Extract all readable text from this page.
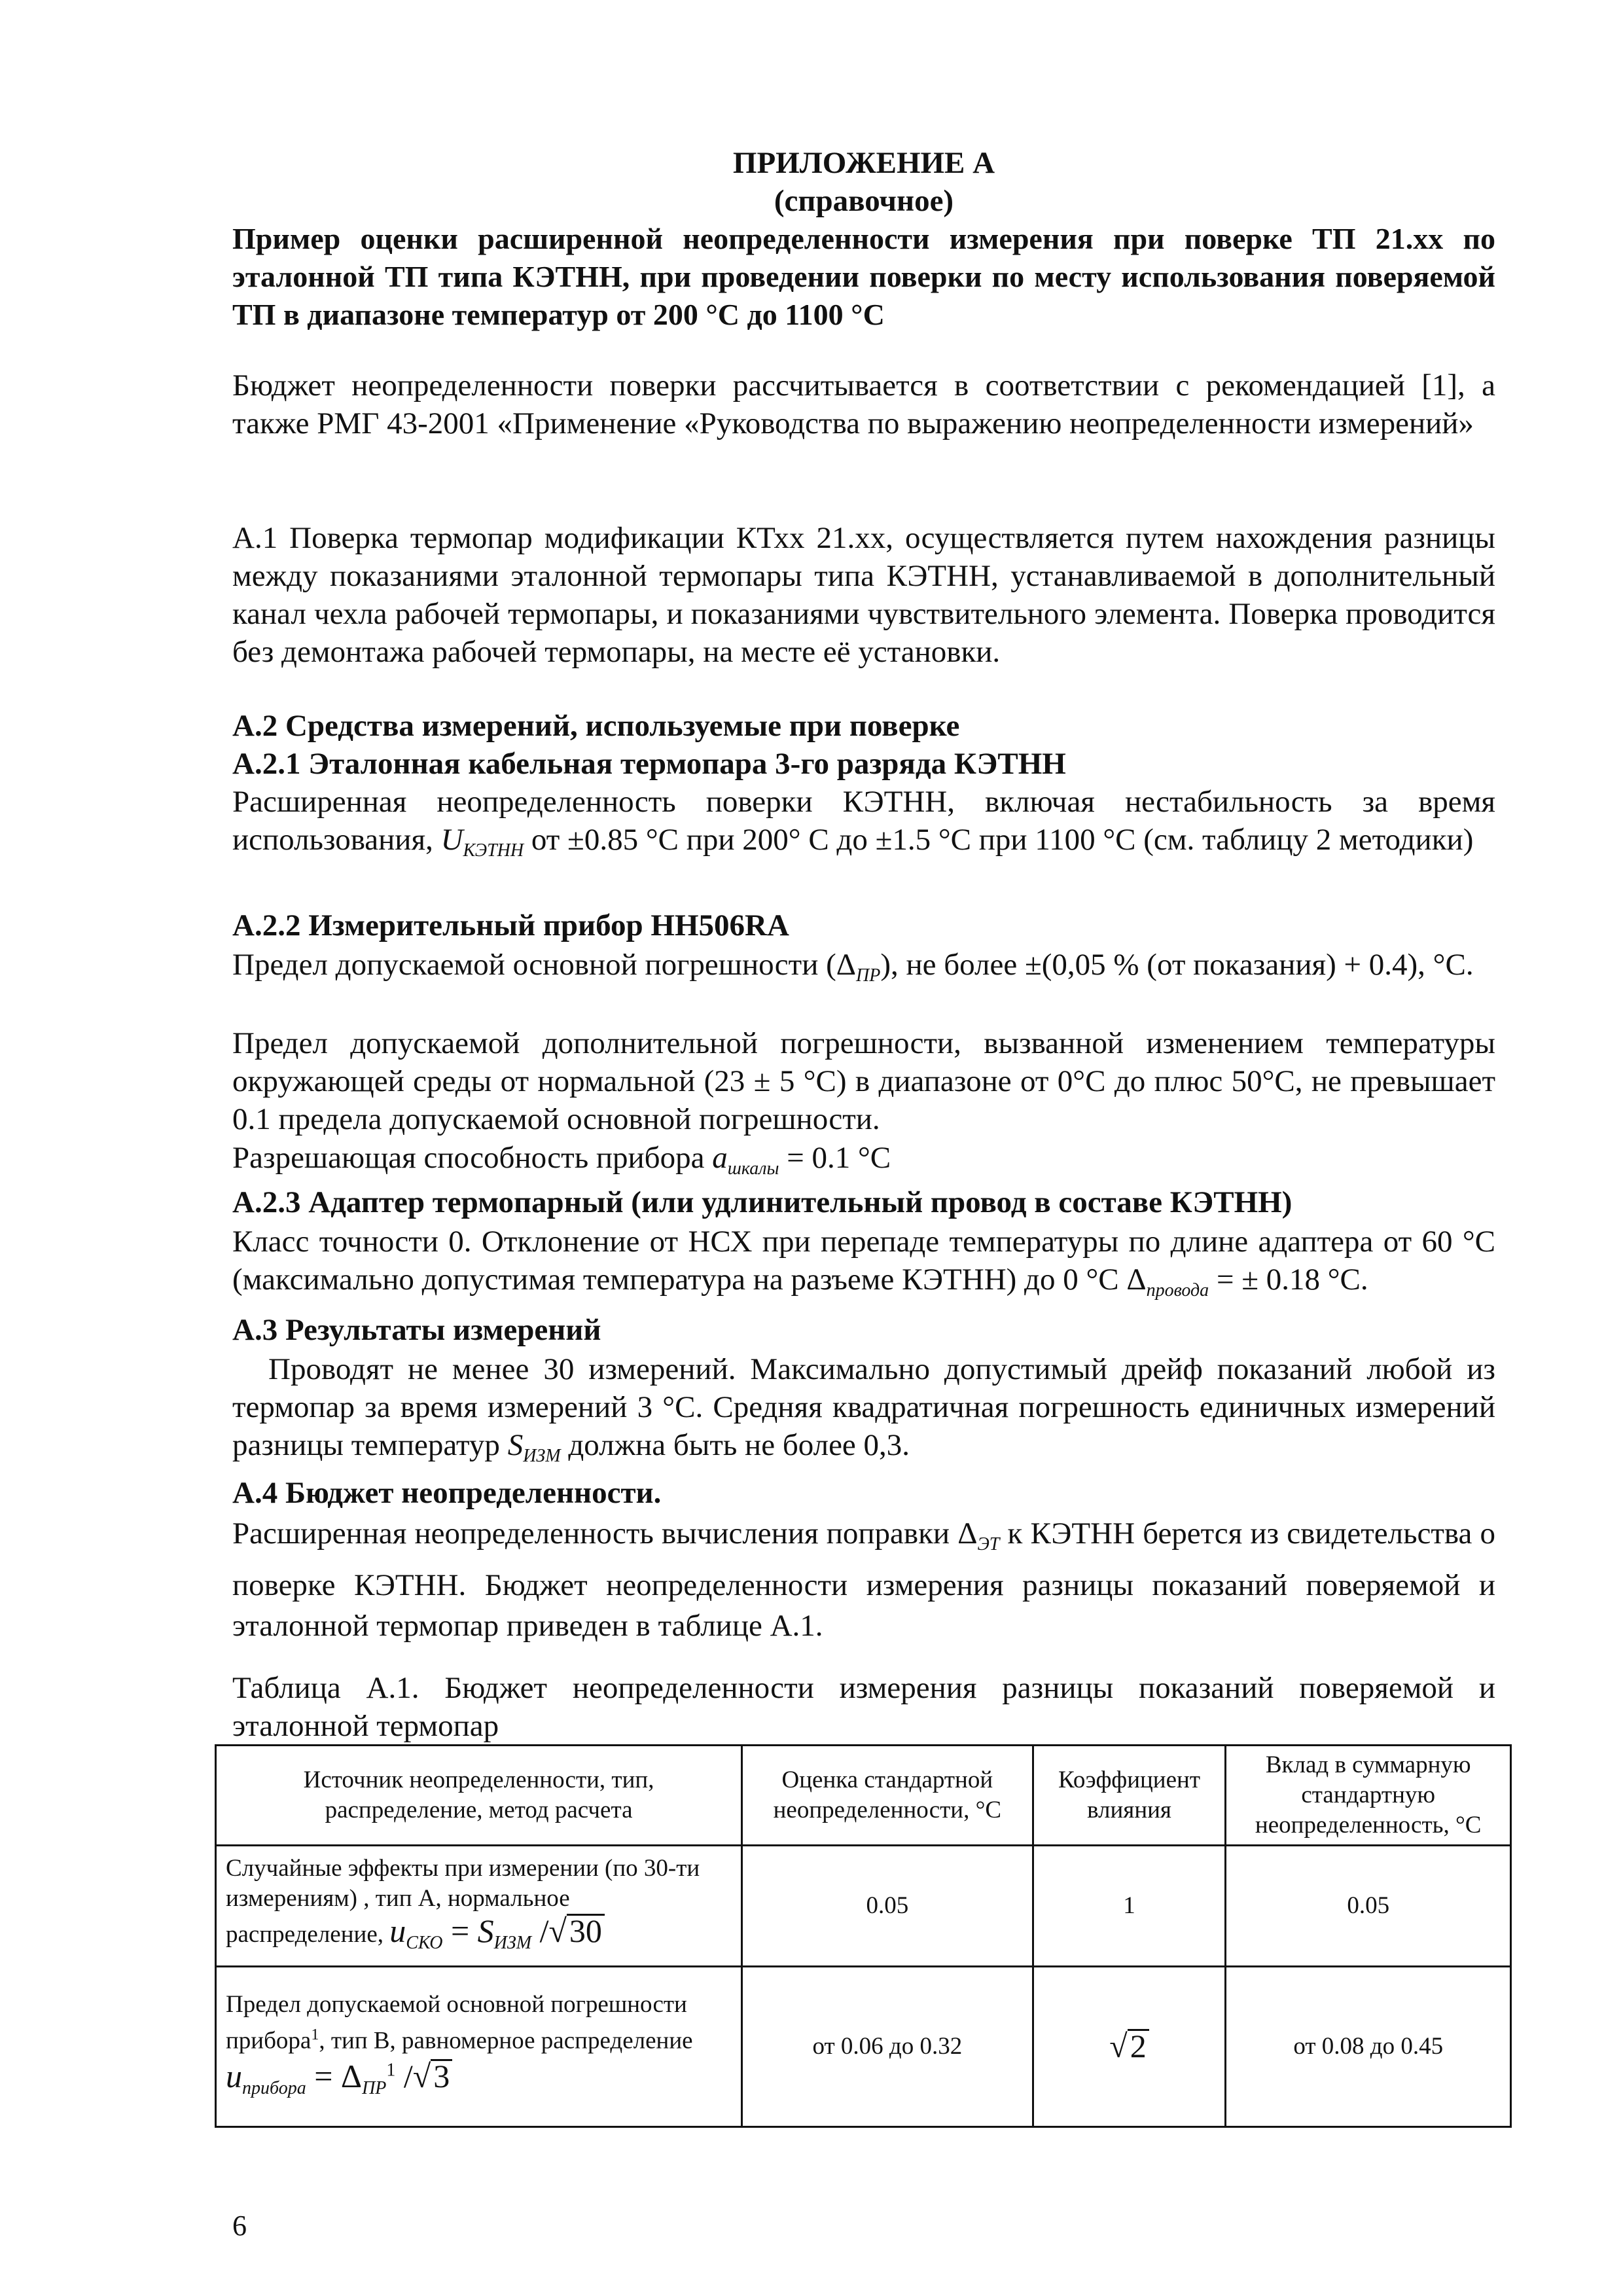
ПРИЛОЖЕНИЕ А
(справочное)
Пример оценки расширенной неопределенности измерения при поверке ТП 21.хх по эталонной ТП типа КЭТНН, при проведении поверки по месту использования поверяемой ТП в диапазоне температур от 200 °С до 1100 °С
Бюджет неопределенности поверки рассчитывается в соответствии с рекомендацией [1], а также РМГ 43-2001 «Применение «Руководства по выражению неопределенности измерений»
А.1 Поверка термопар модификации КТхх 21.хх, осуществляется путем нахождения разницы между показаниями эталонной термопары типа КЭТНН, устанавливаемой в дополнительный канал чехла рабочей термопары, и показаниями чувствительного элемента. Поверка проводится без демонтажа рабочей термопары, на месте её установки.
А.2 Средства измерений, используемые при поверке
А.2.1 Эталонная кабельная термопара 3-го разряда КЭТНН
Расширенная неопределенность поверки КЭТНН, включая нестабильность за время использования, $U_{КЭТНН}$ от ±0.85 °С при 200° С до ±1.5 °С при 1100 °С (см. таблицу 2 методики)
А.2.2 Измерительный прибор НН506RA
Предел допускаемой основной погрешности $(\Delta_{ПР})$, не более ±(0,05 % (от показания) + 0.4), °С.
Предел допускаемой дополнительной погрешности, вызванной изменением температуры окружающей среды от нормальной (23 ± 5 °С) в диапазоне от 0°С до плюс 50°С, не превышает 0.1 предела допускаемой основной погрешности.
Разрешающая способность прибора $a_{шкалы} = 0.1$ °С
А.2.3 Адаптер термопарный (или удлинительный провод в составе КЭТНН)
Класс точности 0. Отклонение от НСХ при перепаде температуры по длине адаптера от 60 °С (максимально допустимая температура на разъеме КЭТНН) до 0 °С $\Delta_{провода}$ = ± 0.18 °С.
А.3 Результаты измерений
Проводят не менее 30 измерений. Максимально допустимый дрейф показаний любой из термопар за время измерений 3 °С. Средняя квадратичная погрешность единичных измерений разницы температур $S_{ИЗМ}$ должна быть не более 0,3.
А.4 Бюджет неопределенности.
Расширенная неопределенность вычисления поправки $\Delta_{ЭТ}$ к КЭТНН берется из свидетельства о поверке КЭТНН. Бюджет неопределенности измерения разницы показаний поверяемой и эталонной термопар приведен в таблице А.1.
Таблица А.1. Бюджет неопределенности измерения разницы показаний поверяемой и эталонной термопар
Источник неопределенности, тип, распределение, метод расчета	Оценка стандартной неопределенности, °С	Коэффициент влияния	Вклад в суммарную стандартную неопределенность, °С
Случайные эффекты при измерении (по 30-ти измерениям) , тип А, нормальное распределение, $u_{СКО} = S_{ИЗМ}$ /√30	0.05	1	0.05
Предел допускаемой основной погрешности прибора$^1$, тип В, равномерное распределение
$u_{прибора} = \Delta_{ПР}^1$ /√3	от 0.06 до 0.32	√2	от 0.08 до 0.45
6
